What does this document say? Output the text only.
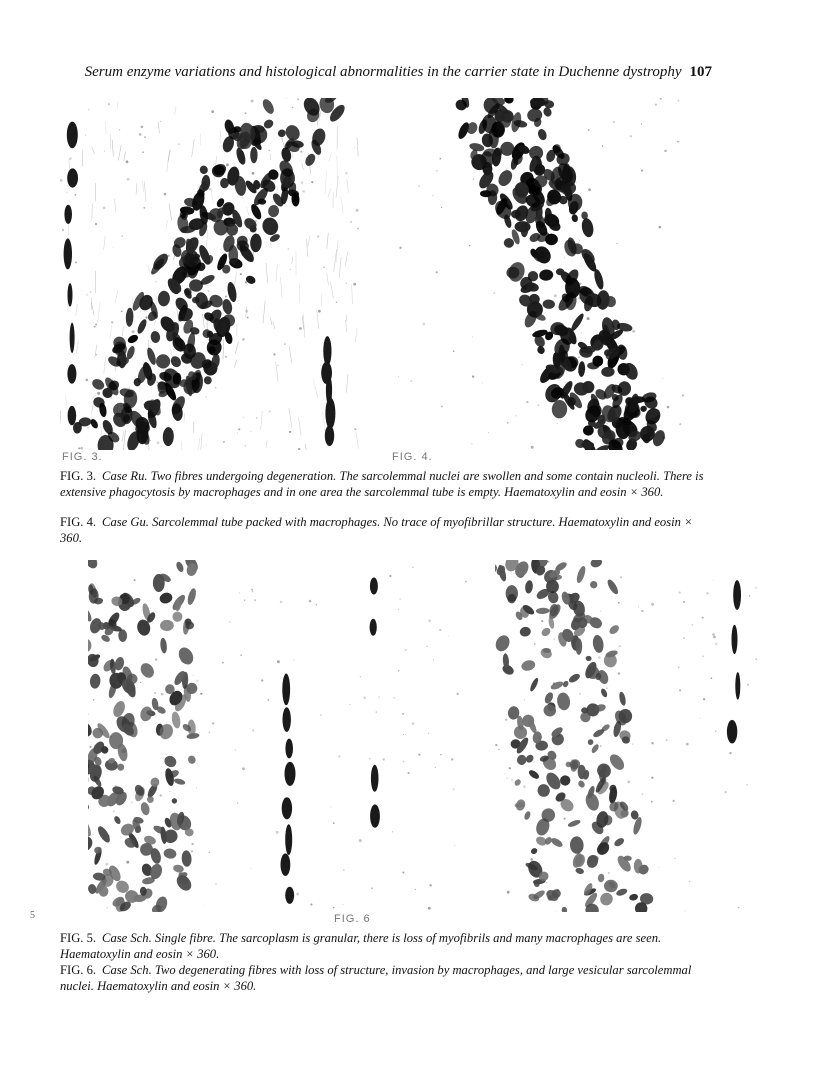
Serum enzyme variations and histological abnormalities in the carrier state in Duchenne dystrophy 107
FIG. 3.	FIG. 4.
FIG. 3. Case Ru. Two fibres undergoing degeneration. The sarcolemmal nuclei are swollen and some contain nucleoli. There is extensive phagocytosis by macrophages and in one area the sarcolemmal tube is empty. Haematoxylin and eosin × 360.
FIG. 4. Case Gu. Sarcolemmal tube packed with macrophages. No trace of myofibrillar structure. Haematoxylin and eosin × 360.
5	FIG. 6
FIG. 5. Case Sch. Single fibre. The sarcoplasm is granular, there is loss of myofibrils and many macrophages are seen. Haematoxylin and eosin × 360.
FIG. 6. Case Sch. Two degenerating fibres with loss of structure, invasion by macrophages, and large vesicular sarcolemmal nuclei. Haematoxylin and eosin × 360.
